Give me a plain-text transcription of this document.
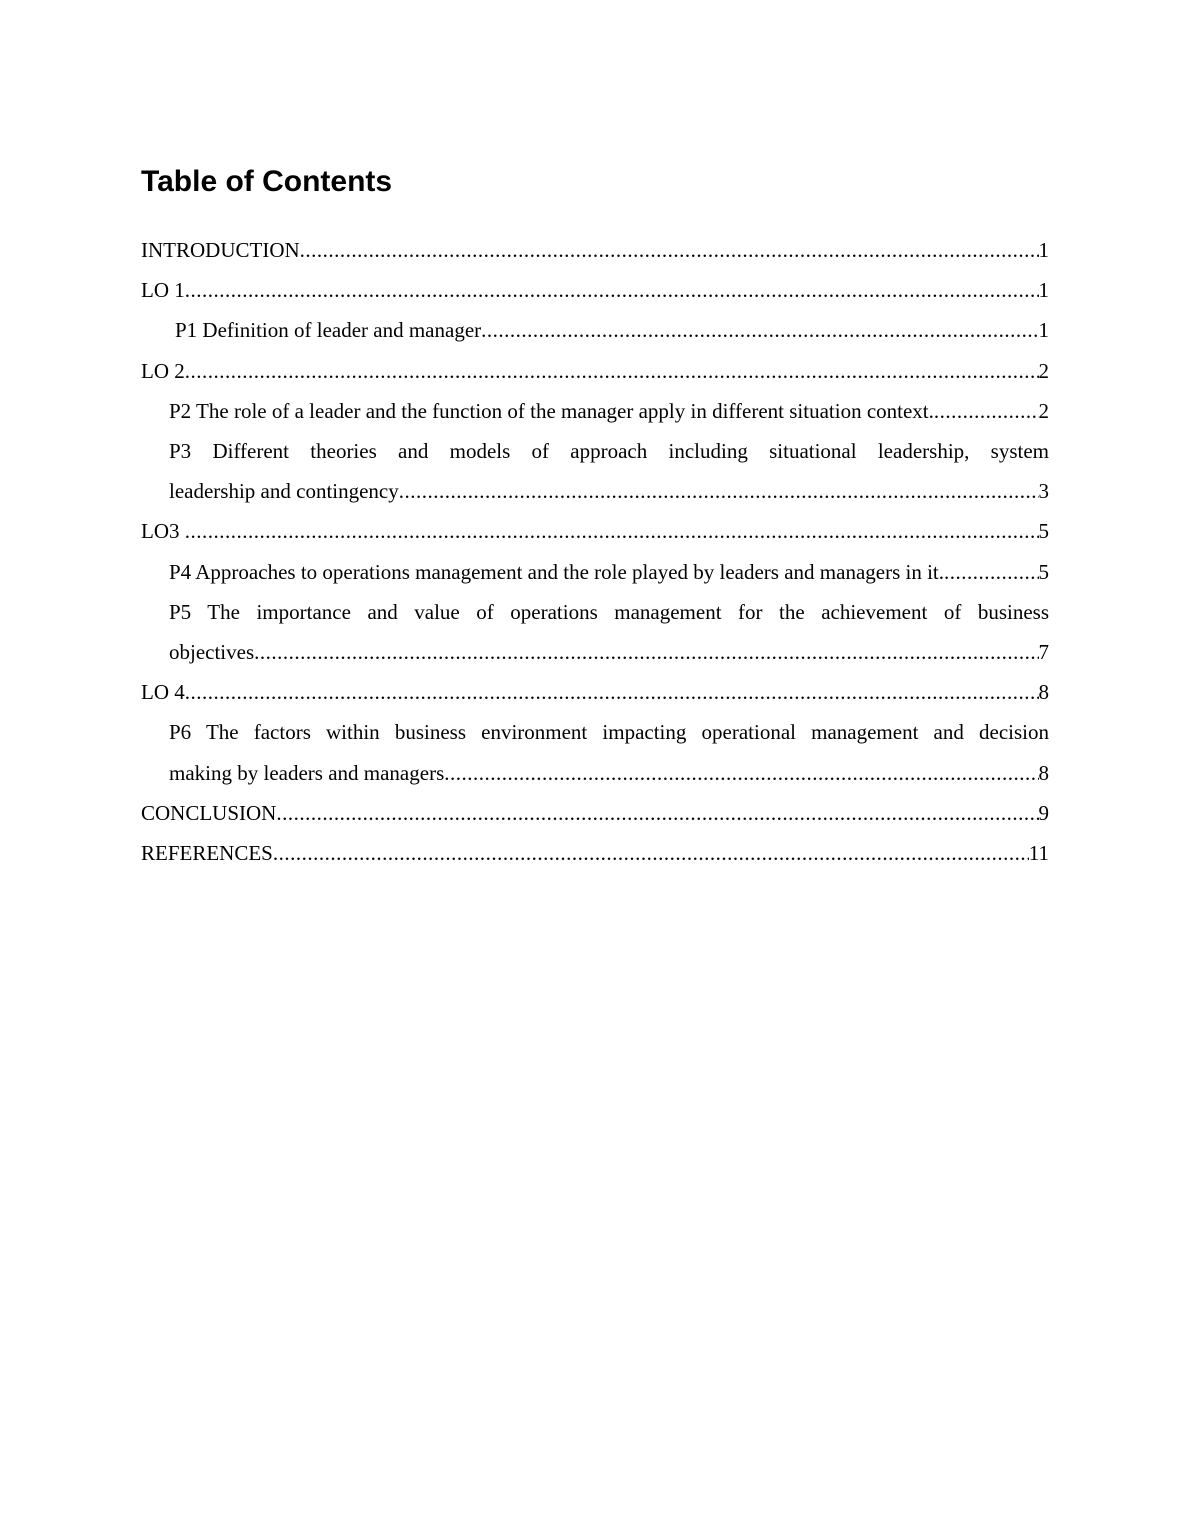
Table of Contents
INTRODUCTION .....	1
LO 1 .....	1
P1 Definition of leader and manager .....	1
LO 2 .....	2
P2 The role of a leader and the function of the manager apply in different situation context. .....	2
P3 Different theories and models of approach including situational leadership, system
leadership and contingency .....	3
LO3 .....	5
P4 Approaches to operations management and the role played by leaders and managers in it. .....	5
P5 The importance and value of operations management for the achievement of business
objectives .....	7
LO 4 .....	8
P6 The factors within business environment impacting operational management and decision
making by leaders and managers .....	8
CONCLUSION .....	9
REFERENCES .....	11
